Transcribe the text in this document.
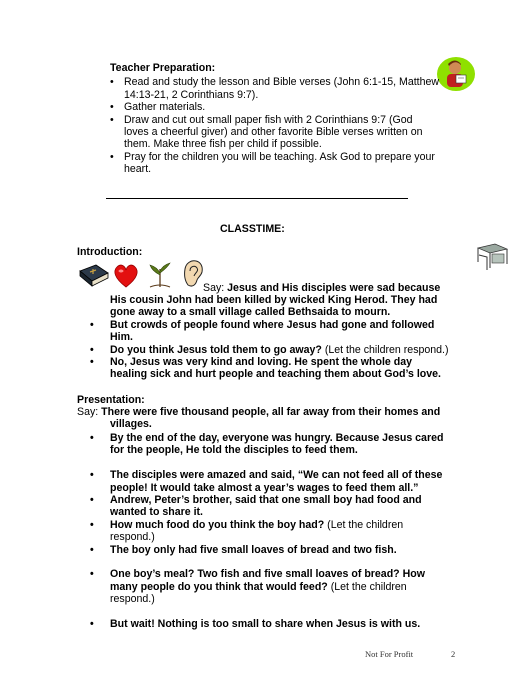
Teacher Preparation:
• Read and study the lesson and Bible verses (John 6:1-15, Matthew 14:13-21, 2 Corinthians 9:7).
• Gather materials.
• Draw and cut out small paper fish with 2 Corinthians 9:7 (God loves a cheerful giver) and other favorite Bible verses written on them. Make three fish per child if possible.
• Pray for the children you will be teaching. Ask God to prepare your heart.
CLASSTIME:
Introduction:
Say: Jesus and His disciples were sad because
His cousin John had been killed by wicked King Herod. They had gone away to a small village called Bethsaida to mourn.
• But crowds of people found where Jesus had gone and followed Him.
• Do you think Jesus told them to go away? (Let the children respond.)
• No, Jesus was very kind and loving. He spent the whole day healing sick and hurt people and teaching them about God’s love.
Presentation:
Say: There were five thousand people, all far away from their homes and
villages.
• By the end of the day, everyone was hungry. Because Jesus cared for the people, He told the disciples to feed them.
• The disciples were amazed and said, “We can not feed all of these people! It would take almost a year’s wages to feed them all.”
• Andrew, Peter’s brother, said that one small boy had food and wanted to share it.
• How much food do you think the boy had? (Let the children respond.)
• The boy only had five small loaves of bread and two fish.
• One boy’s meal? Two fish and five small loaves of bread? How many people do you think that would feed? (Let the children respond.)
• But wait! Nothing is too small to share when Jesus is with us.
Not For Profit	2
